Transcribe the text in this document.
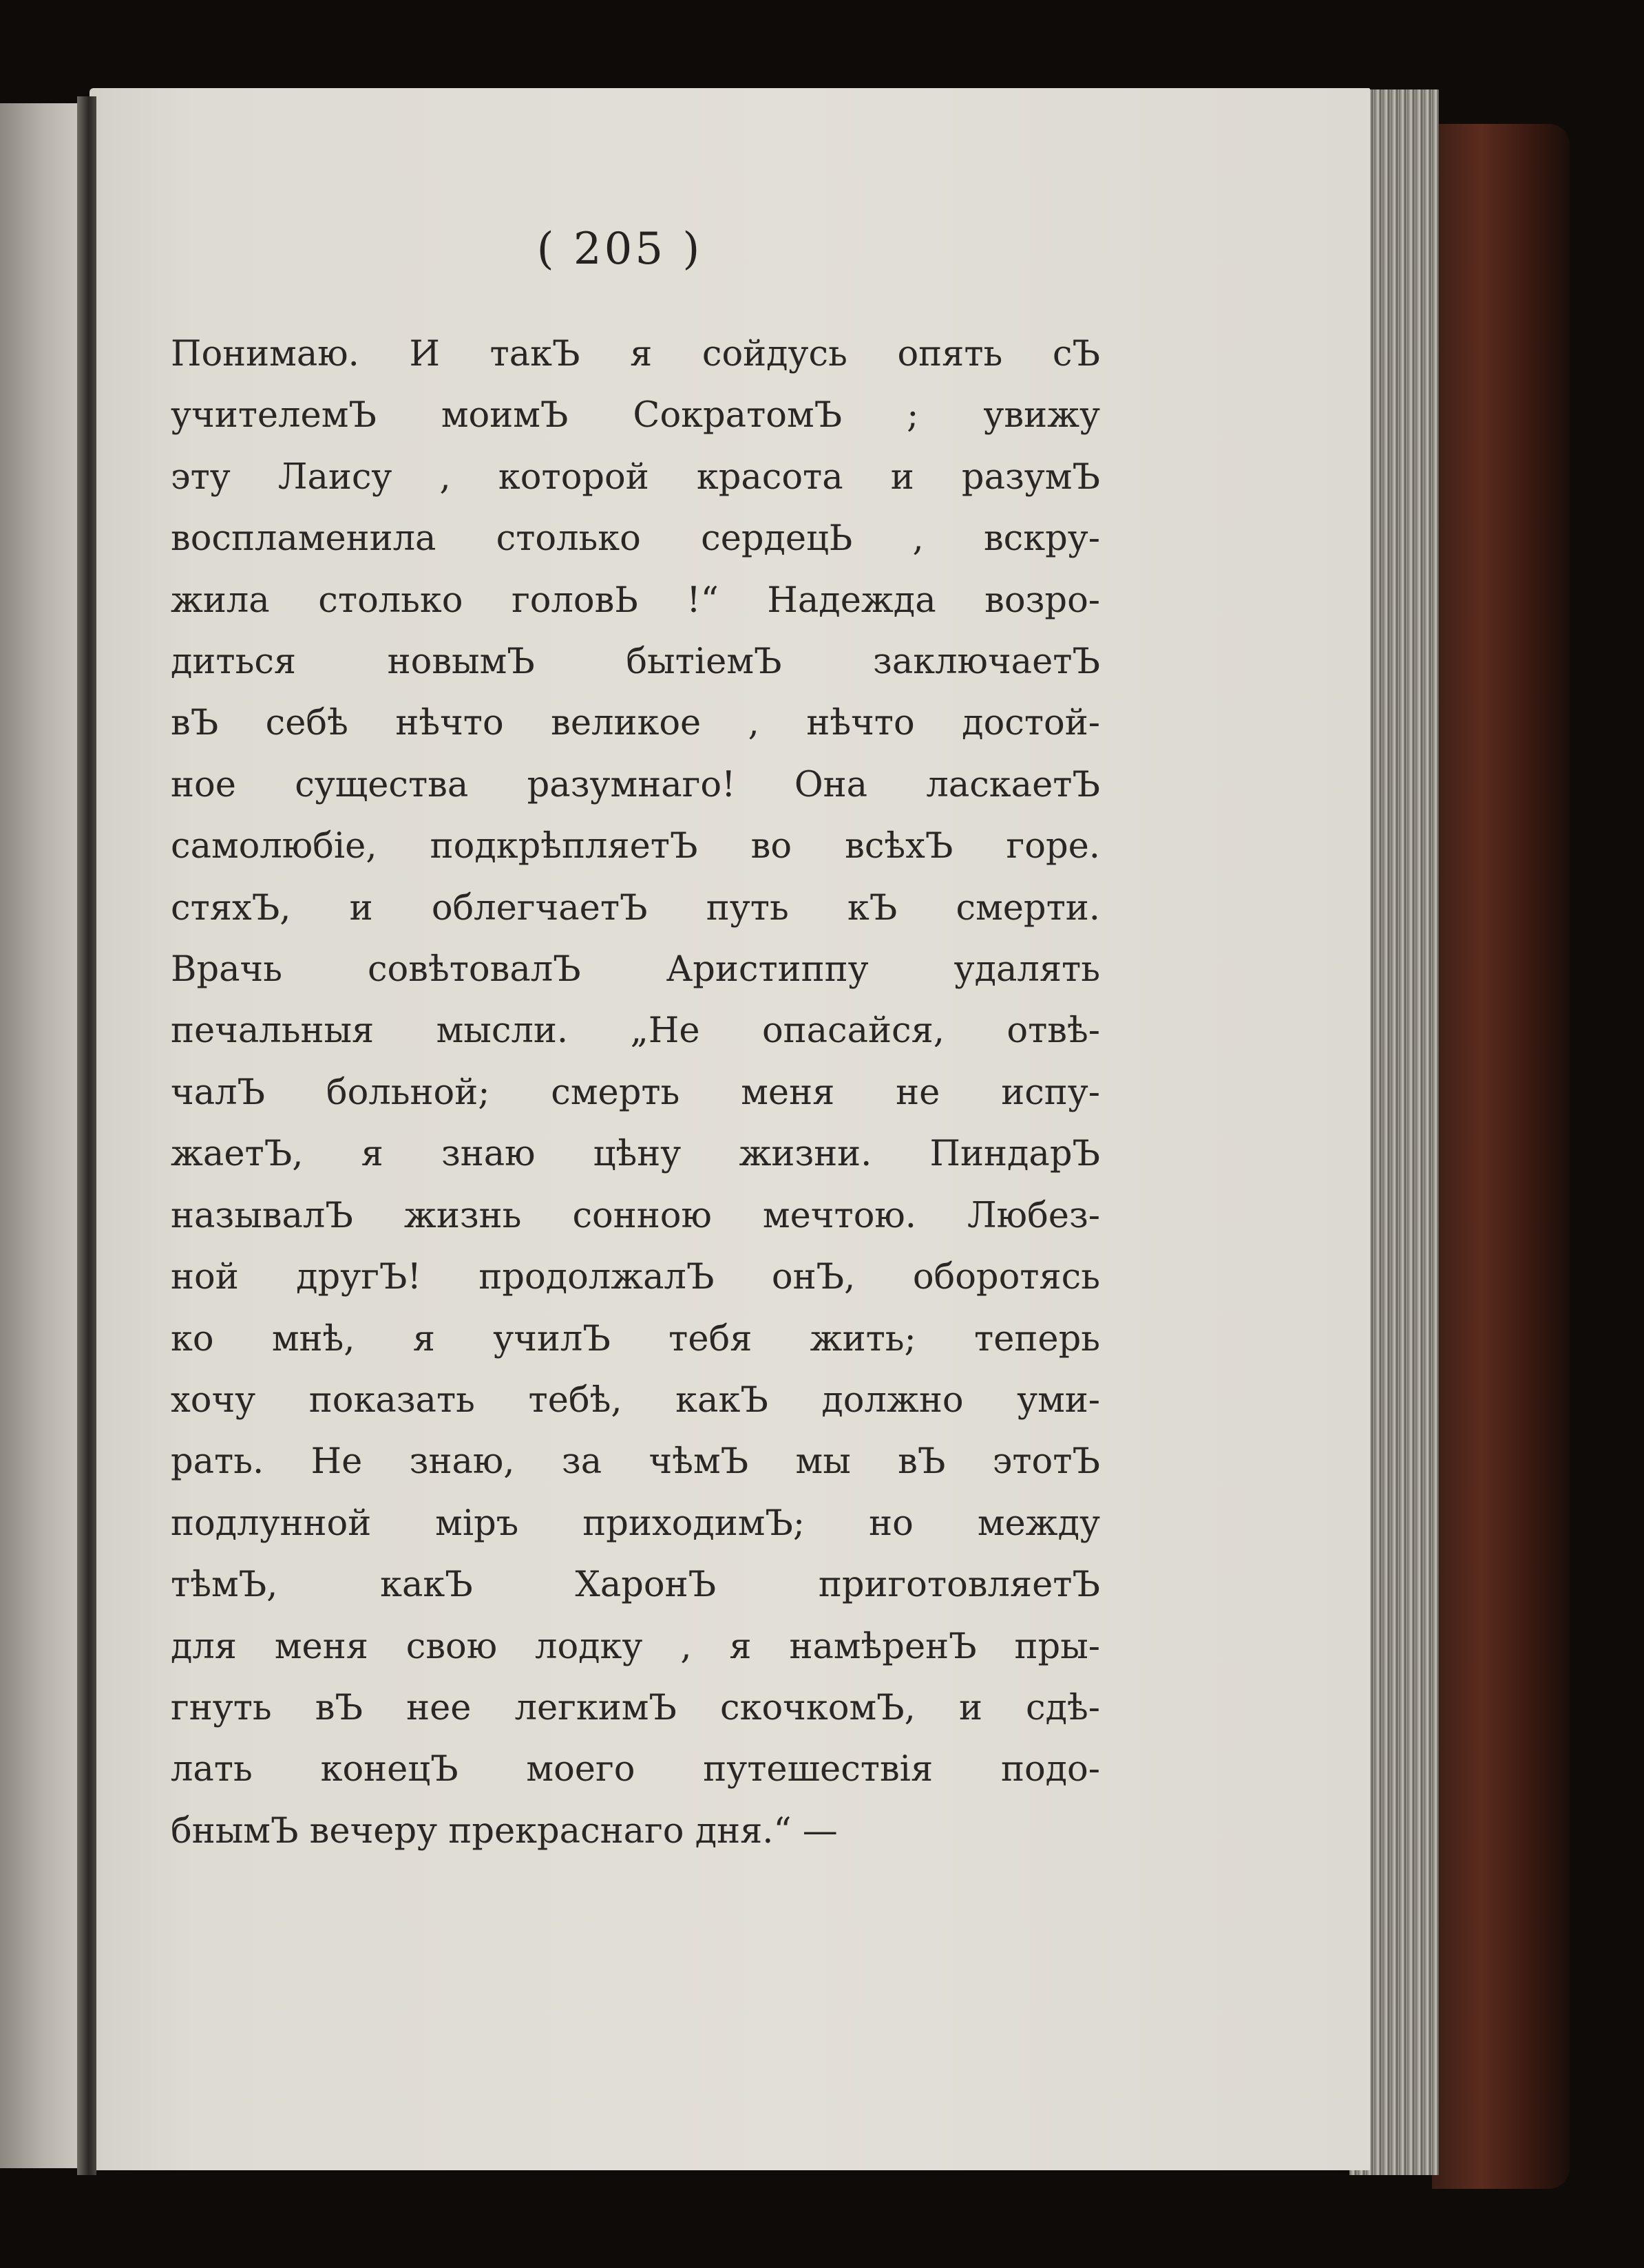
( 205 )
Понимаю. И такЪ я сойдусь опять сЪ
учителемЪ моимЪ СократомЪ ; увижу
эту Лаису , которой красота и разумЪ
воспламенила столько сердецЬ , вскру-
жила столько головЬ !“ Надежда возро-
диться новымЪ бытіемЪ заключаетЪ
вЪ себѣ нѣчто великое , нѣчто достой-
ное существа разумнаго! Она ласкаетЪ
самолюбіе, подкрѣпляетЪ во всѣхЪ горе.
стяхЪ, и облегчаетЪ путь кЪ смерти.
Врачь совѣтовалЪ Аристиппу удалять
печальныя мысли. „Не опасайся, отвѣ-
чалЪ больной; смерть меня не испу-
жаетЪ, я знаю цѣну жизни. ПиндарЪ
называлЪ жизнь сонною мечтою. Любез-
ной другЪ! продолжалЪ онЪ, оборотясь
ко мнѣ, я училЪ тебя жить; теперь
хочу показать тебѣ, какЪ должно уми-
рать. Не знаю, за чѣмЪ мы вЪ этотЪ
подлунной міръ приходимЪ; но между
тѣмЪ, какЪ ХаронЪ приготовляетЪ
для меня свою лодку , я намѣренЪ пры-
гнуть вЪ нее легкимЪ скочкомЪ, и сдѣ-
лать конецЪ моего путешествія подо-
бнымЪ вечеру прекраснаго дня.“ —
